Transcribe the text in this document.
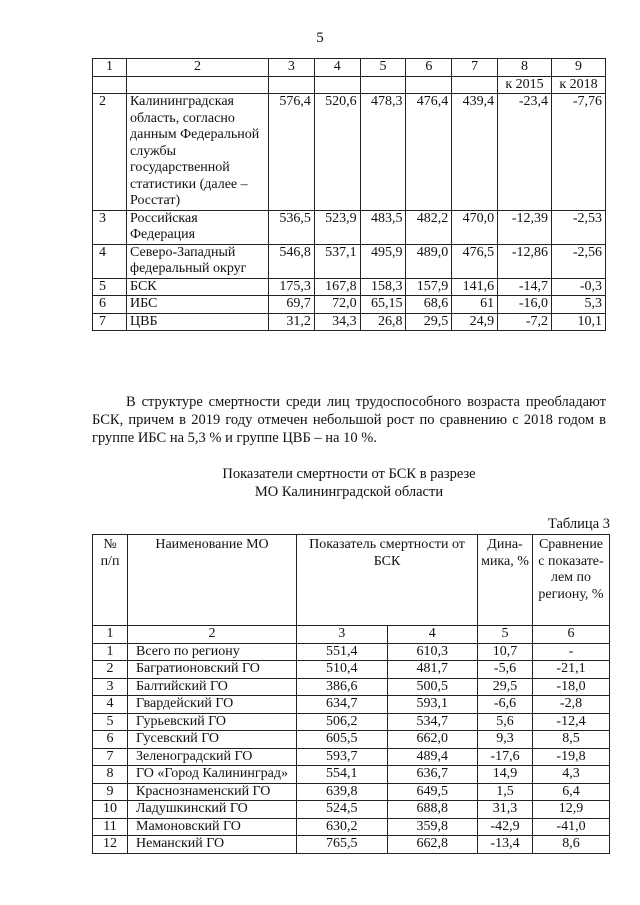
5
1	2	3	4	5	6	7	8	9
							к 2015	к 2018
2	Калининградская область, согласно данным Федеральной службы государственной статистики (далее – Росстат)	576,4	520,6	478,3	476,4	439,4	-23,4	-7,76
3	Российская Федерация	536,5	523,9	483,5	482,2	470,0	-12,39	-2,53
4	Северо-Западный федеральный округ	546,8	537,1	495,9	489,0	476,5	-12,86	-2,56
5	БСК	175,3	167,8	158,3	157,9	141,6	-14,7	-0,3
6	ИБС	69,7	72,0	65,15	68,6	61	-16,0	5,3
7	ЦВБ	31,2	34,3	26,8	29,5	24,9	-7,2	10,1

В структуре смертности среди лиц трудоспособного возраста преобладают БСК, причем в 2019 году отмечен небольшой рост по сравнению с 2018 годом в группе ИБС на 5,3 % и группе ЦВБ – на 10 %.

Показатели смертности от БСК в разрезе
МО Калининградской области
Таблица 3
№ п/п	Наименование МО	Показатель смертности от БСК		Дина-мика, %	Сравнение с показате-лем по региону, %
1	2	3	4	5	6
1	Всего по региону	551,4	610,3	10,7	-
2	Багратионовский ГО	510,4	481,7	-5,6	-21,1
3	Балтийский ГО	386,6	500,5	29,5	-18,0
4	Гвардейский ГО	634,7	593,1	-6,6	-2,8
5	Гурьевский ГО	506,2	534,7	5,6	-12,4
6	Гусевский ГО	605,5	662,0	9,3	8,5
7	Зеленоградский ГО	593,7	489,4	-17,6	-19,8
8	ГО «Город Калининград»	554,1	636,7	14,9	4,3
9	Краснознаменский ГО	639,8	649,5	1,5	6,4
10	Ладушкинский ГО	524,5	688,8	31,3	12,9
11	Мамоновский ГО	630,2	359,8	-42,9	-41,0
12	Неманский ГО	765,5	662,8	-13,4	8,6
